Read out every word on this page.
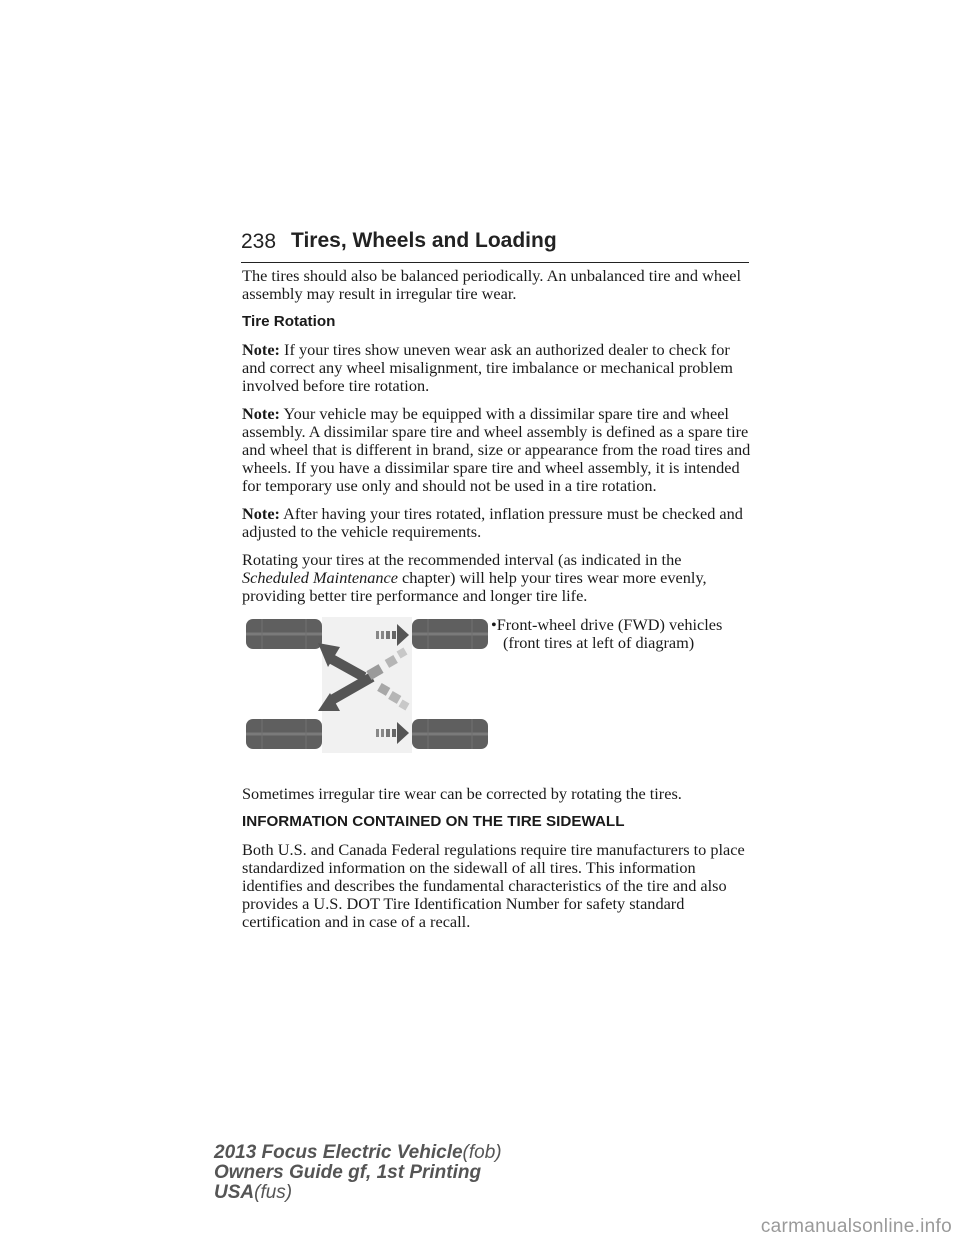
238 Tires, Wheels and Loading

The tires should also be balanced periodically. An unbalanced tire and wheel assembly may result in irregular tire wear.

Tire Rotation

Note: If your tires show uneven wear ask an authorized dealer to check for and correct any wheel misalignment, tire imbalance or mechanical problem involved before tire rotation.

Note: Your vehicle may be equipped with a dissimilar spare tire and wheel assembly. A dissimilar spare tire and wheel assembly is defined as a spare tire and wheel that is different in brand, size or appearance from the road tires and wheels. If you have a dissimilar spare tire and wheel assembly, it is intended for temporary use only and should not be used in a tire rotation.

Note: After having your tires rotated, inflation pressure must be checked and adjusted to the vehicle requirements.

Rotating your tires at the recommended interval (as indicated in the Scheduled Maintenance chapter) will help your tires wear more evenly, providing better tire performance and longer tire life.

•Front-wheel drive (FWD) vehicles (front tires at left of diagram)

Sometimes irregular tire wear can be corrected by rotating the tires.

INFORMATION CONTAINED ON THE TIRE SIDEWALL

Both U.S. and Canada Federal regulations require tire manufacturers to place standardized information on the sidewall of all tires. This information identifies and describes the fundamental characteristics of the tire and also provides a U.S. DOT Tire Identification Number for safety standard certification and in case of a recall.

2013 Focus Electric Vehicle(fob)
Owners Guide gf, 1st Printing
USA(fus)
carmanualsonline.info
